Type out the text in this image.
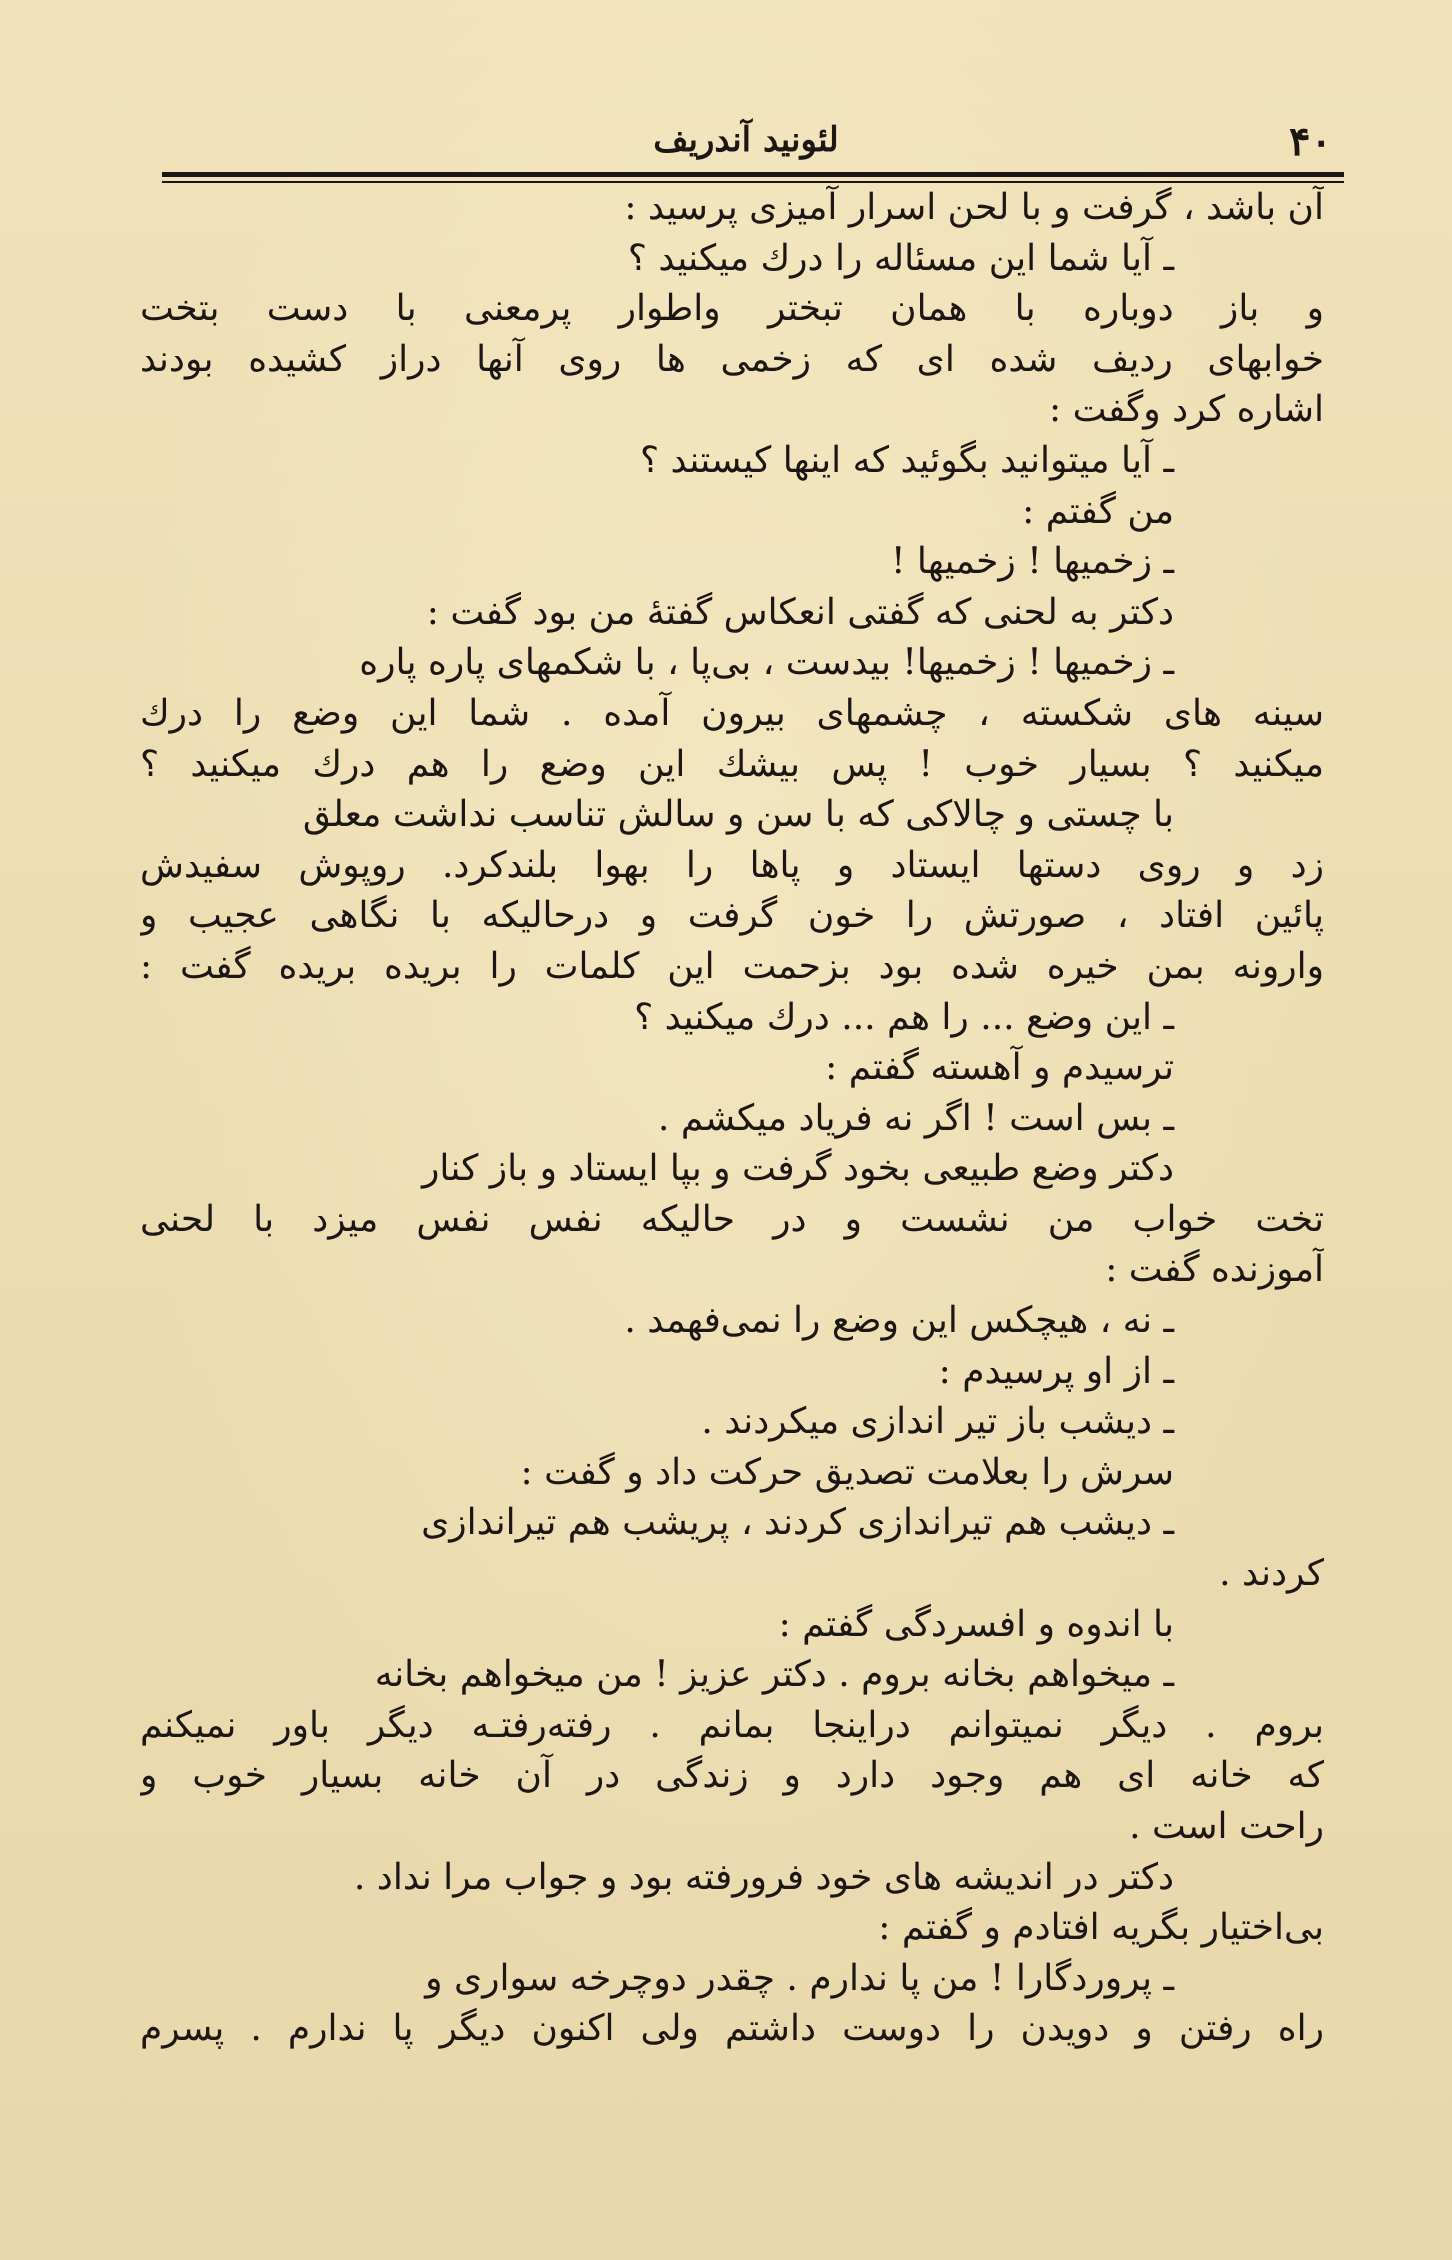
۴۰
لئونید آندریف
آن باشد ، گرفت و با لحن اسرار آمیزی پرسید :
ـ آیا شما این مسئاله را درك میکنید ؟
و باز دوباره با همان تبختر واطوار پرمعنی با دست بتخت
خوابهای ردیف شده ای که زخمی ها روی آنها دراز کشیده بودند
اشاره کرد وگفت :
ـ آیا میتوانید بگوئید که اینها کیستند ؟
من گفتم :
ـ زخمیها ! زخمیها !
دکتر به لحنی که گفتی انعکاس گفتهٔ من بود گفت :
ـ زخمیها ! زخمیها! بیدست ، بی‌پا ، با شکمهای پاره پاره
سینه های شکسته ، چشمهای بیرون آمده . شما این وضع را درك
میکنید ؟ بسیار خوب ! پس بیشك این وضع را هم درك میکنید ؟
با چستی و چالاکی که با سن و سالش تناسب نداشت معلق
زد و روی دستها ایستاد و پاها را بهوا بلندکرد. روپوش سفیدش
پائین افتاد ، صورتش را خون گرفت و درحالیکه با نگاهی عجیب و
وارونه بمن خیره شده بود بزحمت این کلمات را بریده بریده گفت :
ـ این وضع ... را هم ... درك میکنید ؟
ترسیدم و آهسته گفتم :
ـ بس است ! اگر نه فریاد میکشم .
دکتر وضع طبیعی بخود گرفت و بپا ایستاد و باز کنار
تخت خواب من نشست و در حالیکه نفس نفس میزد با لحنی
آموزنده گفت :
ـ نه ، هیچکس این وضع را نمی‌فهمد .
ـ از او پرسیدم :
ـ دیشب باز تیر اندازی میکردند .
سرش را بعلامت تصدیق حرکت داد و گفت :
ـ دیشب هم تیراندازی کردند ، پریشب هم تیراندازی
کردند .
با اندوه و افسردگی گفتم :
ـ میخواهم بخانه بروم . دکتر عزیز ! من میخواهم بخانه
بروم . دیگر نمیتوانم دراینجا بمانم . رفته‌رفتـه دیگر باور نمیکنم
که خانه ای هم وجود دارد و زندگی در آن خانه بسیار خوب و
راحت است .
دکتر در اندیشه های خود فرورفته بود و جواب مرا نداد .
بی‌اختیار بگریه افتادم و گفتم :
ـ پروردگارا ! من پا ندارم . چقدر دوچرخه سواری و
راه رفتن و دویدن را دوست داشتم ولی اکنون دیگر پا ندارم . پسرم
